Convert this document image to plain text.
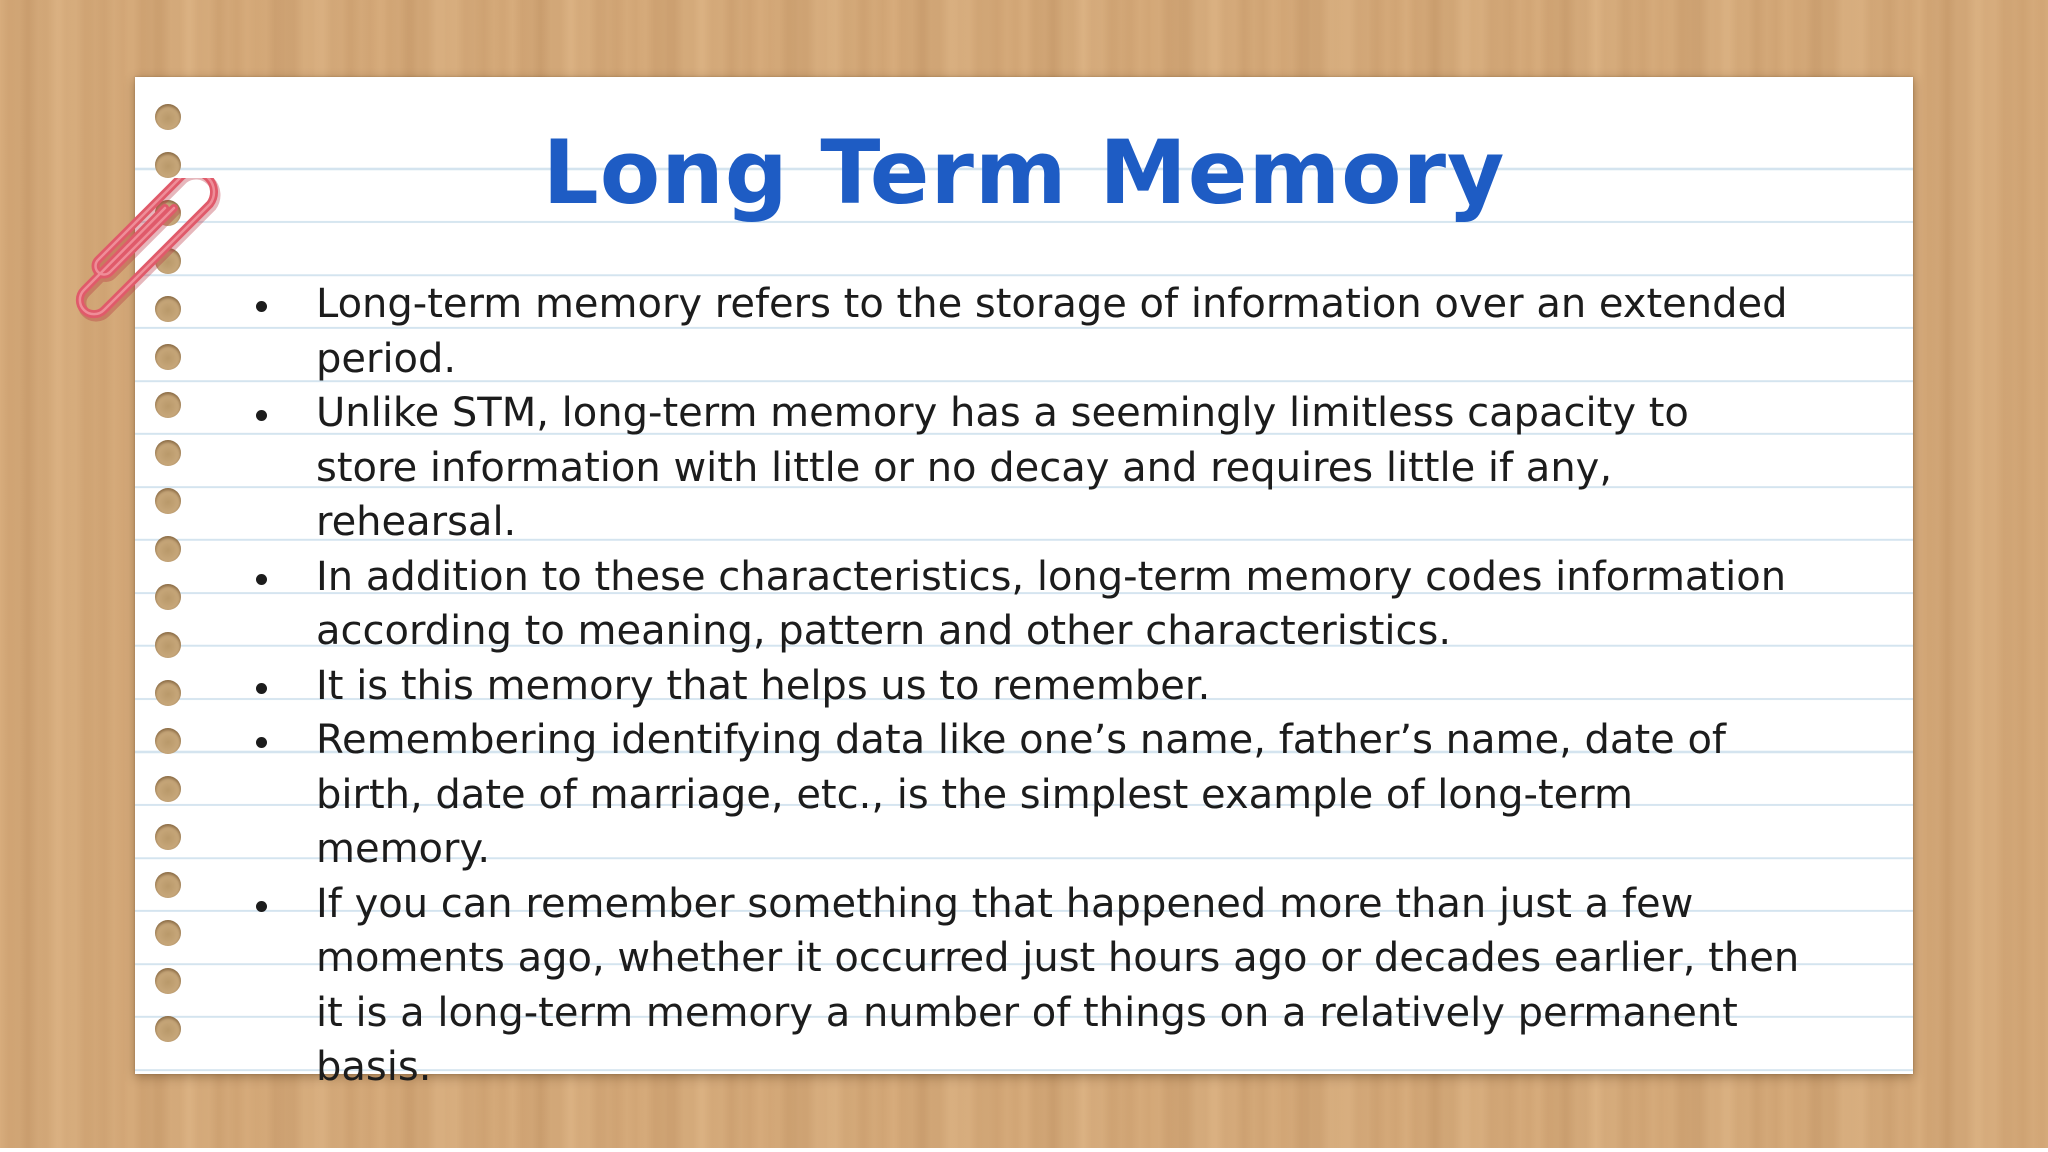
Long Term Memory
Long-term memory refers to the storage of information over an extended period.
Unlike STM, long-term memory has a seemingly limitless capacity to store information with little or no decay and requires little if any, rehearsal.
In addition to these characteristics, long-term memory codes information according to meaning, pattern and other characteristics.
It is this memory that helps us to remember.
Remembering identifying data like one’s name, father’s name, date of birth, date of marriage, etc., is the simplest example of long-term memory.
If you can remember something that happened more than just a few moments ago, whether it occurred just hours ago or decades earlier, then it is a long-term memory a number of things on a relatively permanent basis.
